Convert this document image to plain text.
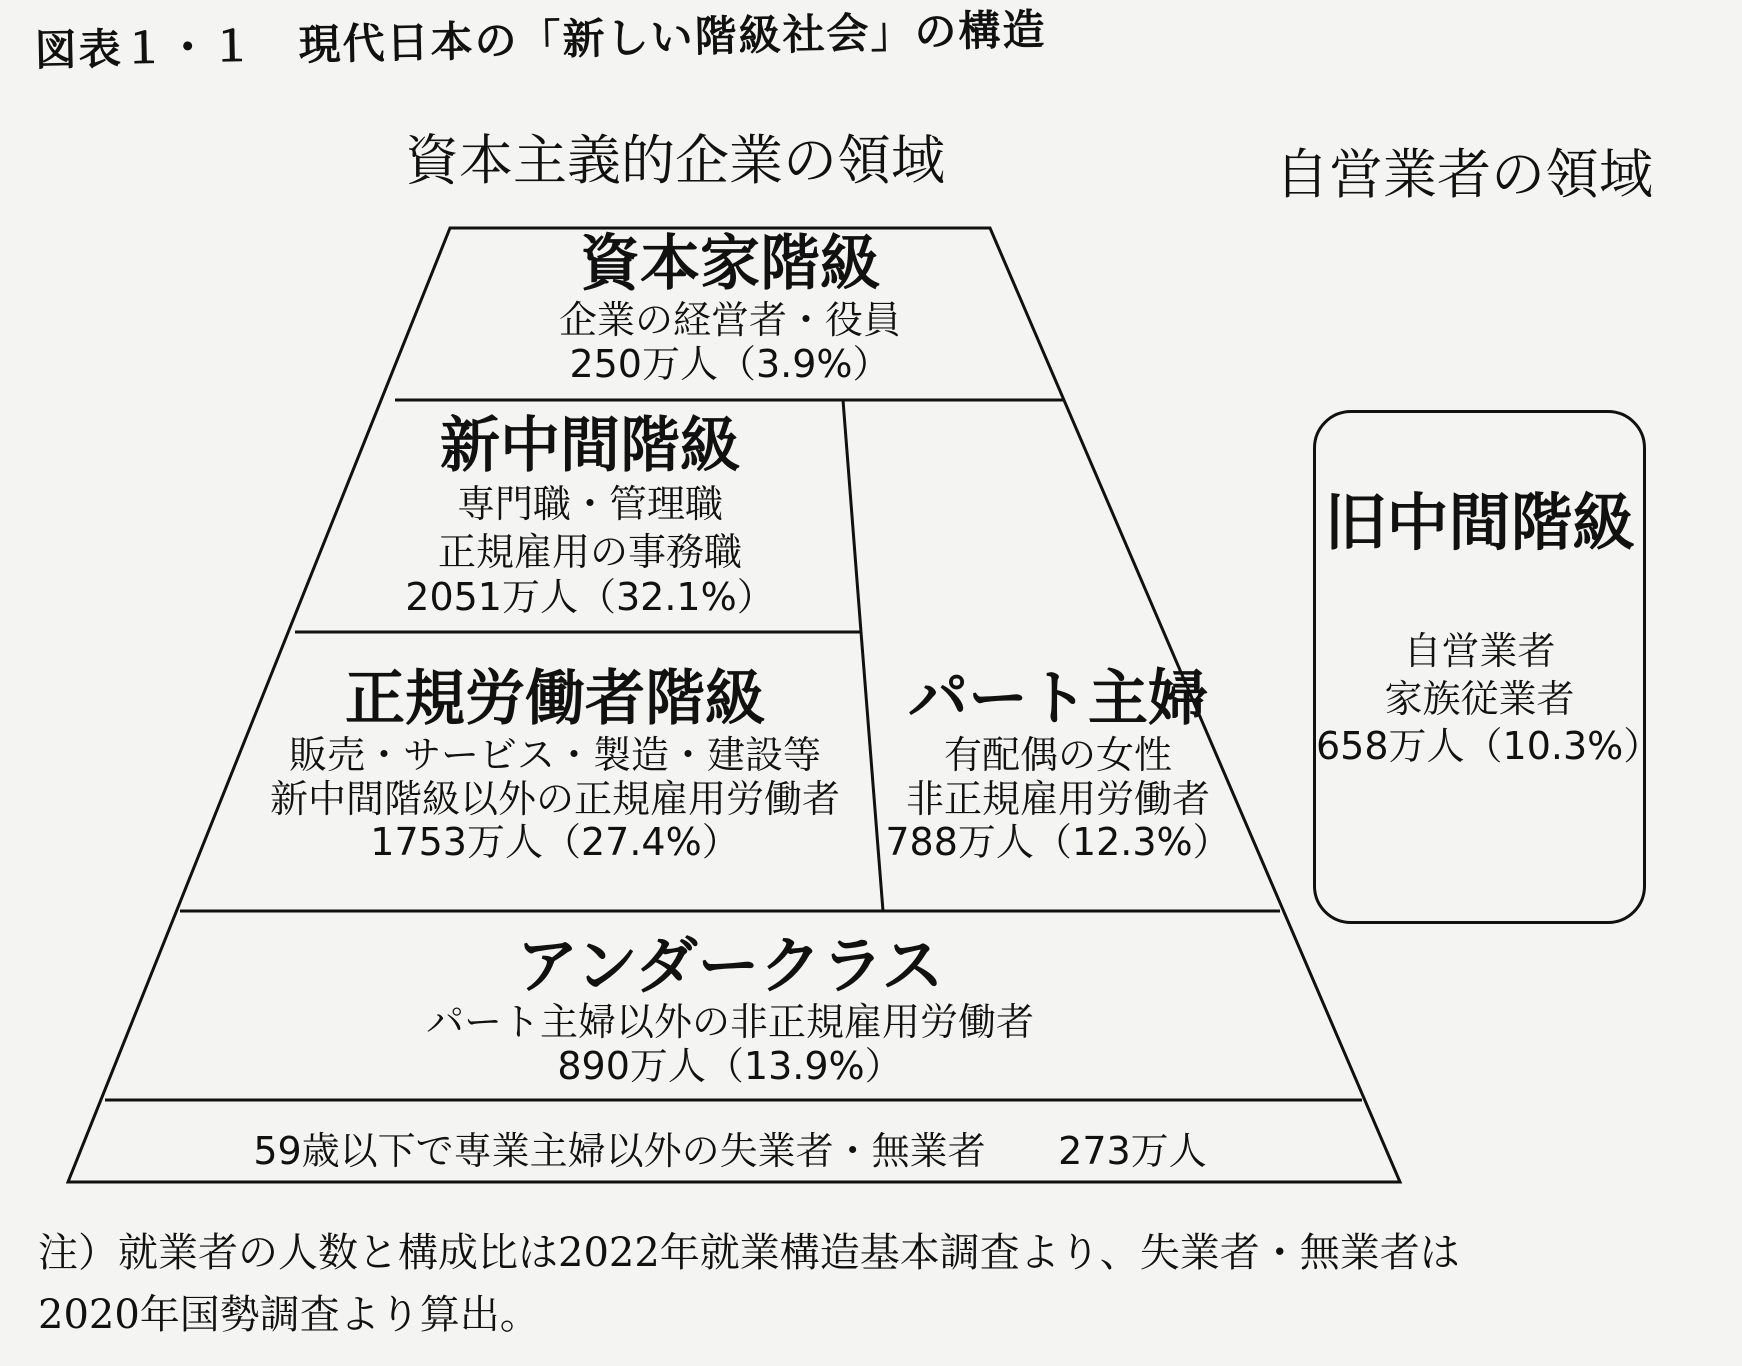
図表１・１　現代日本の「新しい階級社会」の構造
資本主義的企業の領域	自営業者の領域
資本家階級
企業の経営者・役員
250万人（3.9%）
新中間階級
専門職・管理職
正規雇用の事務職
2051万人（32.1%）
正規労働者階級
販売・サービス・製造・建設等
新中間階級以外の正規雇用労働者
1753万人（27.4%）
パート主婦
有配偶の女性
非正規雇用労働者
788万人（12.3%）
アンダークラス
パート主婦以外の非正規雇用労働者
890万人（13.9%）
59歳以下で専業主婦以外の失業者・無業者 273万人
旧中間階級
自営業者
家族従業者
658万人（10.3%）
注）就業者の人数と構成比は2022年就業構造基本調査より、失業者・無業者は
2020年国勢調査より算出。
